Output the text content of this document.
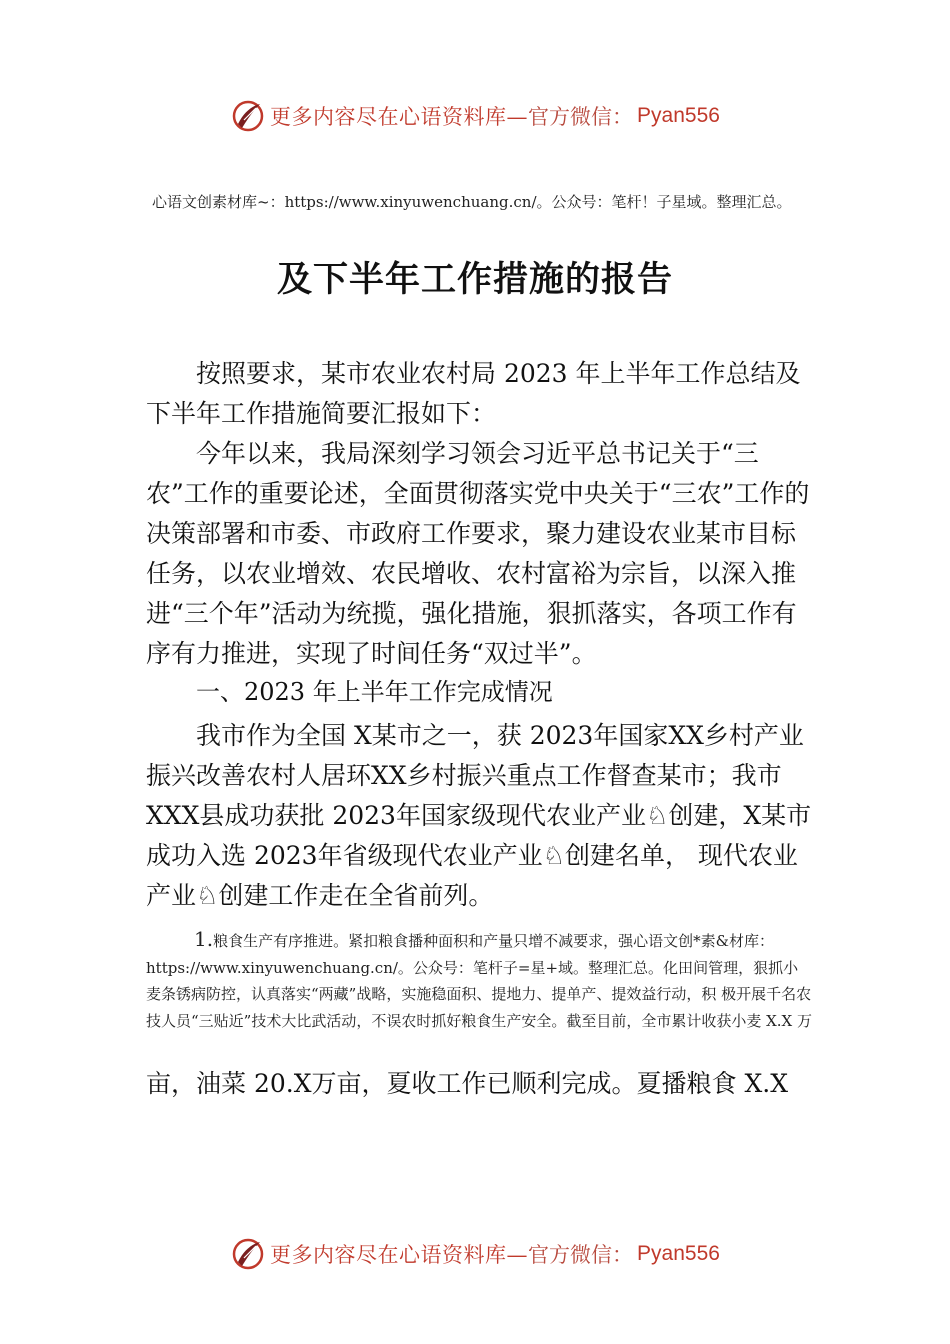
更多内容尽在心语资料库— 官方微信： Pyan556
心语文创素材库~：https://www.xinyuwenchuang.cn/。公众号：笔杆！子星域。整理汇总。
及下半年工作措施的报告
按照要求，某市农业农村局 2023 年上半年工作总结及下半年工作措施简要汇报如下：
今年以来，我局深刻学习领会习近平总书记关于“三农”工作的重要论述，全面贯彻落实党中央关于“三农”工作的决策部署和市委、市政府工作要求，聚力建设农业某市目标任务，以农业增效、农民增收、农村富裕为宗旨，以深入推进“三个年”活动为统揽，强化措施，狠抓落实，各项工作有序有力推进，实现了时间任务“双过半”。
一、2023 年上半年工作完成情况
我市作为全国 X某市之一，获 2023年国家XX乡村产业振兴改善农村人居环XX乡村振兴重点工作督查某市；我市XXX县成功获批 2023年国家级现代农业产业♘创建，X某市成功入选 2023年省级现代农业产业♘创建名单， 现代农业产业♘创建工作走在全省前列。
1.粮食生产有序推进。紧扣粮食播种面积和产量只增不减要求，强心语文创*素&材库：https://www.xinyuwenchuang.cn/。公众号：笔杆子=星+域。整理汇总。化田间管理，狠抓小麦条锈病防控，认真落实“两藏”战略，实施稳面积、提地力、提单产、提效益行动，积 极开展千名农技人员“三贴近”技术大比武活动，不误农时抓好粮食生产安全。截至目前，全市累计收获小麦 X.X 万
亩，油菜 20.X万亩，夏收工作已顺利完成。夏播粮食 X.X
更多内容尽在心语资料库— 官方微信： Pyan556
